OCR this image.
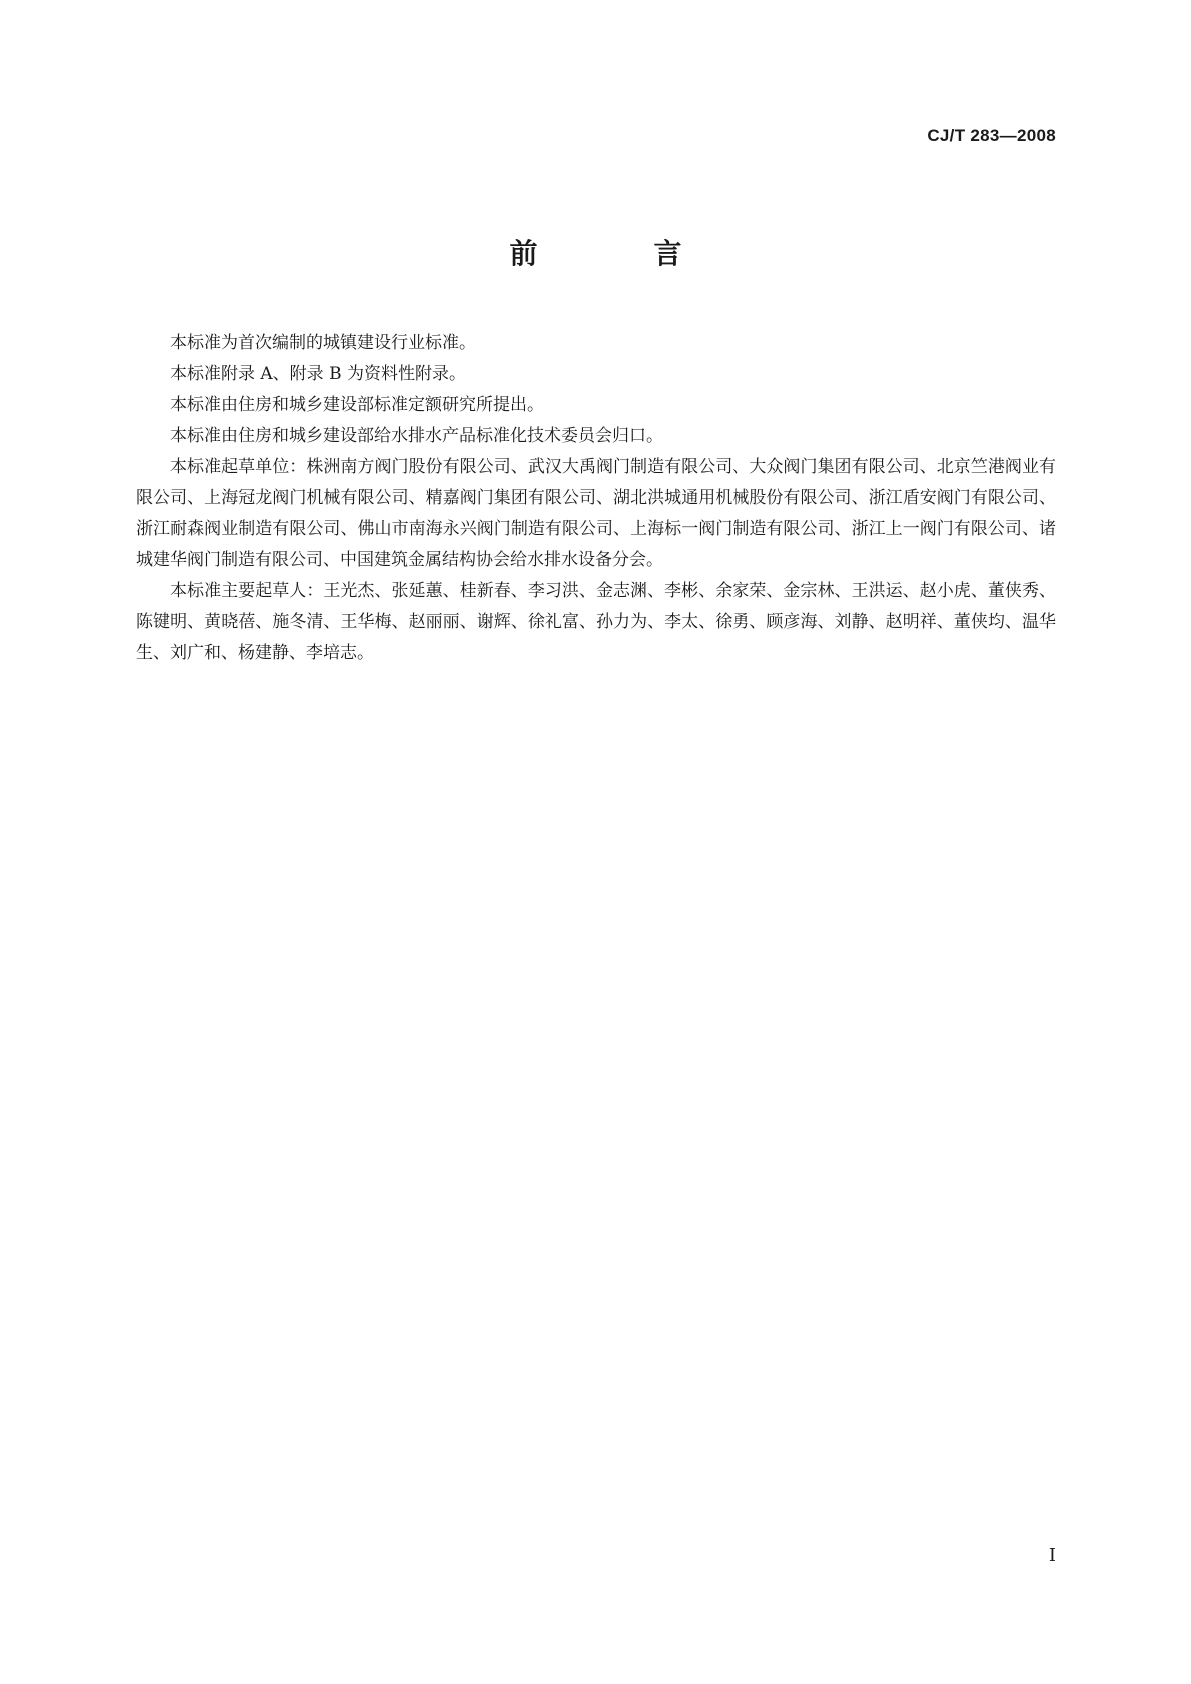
CJ/T 283—2008
前　言

本标准为首次编制的城镇建设行业标准。

本标准附录 A、附录 B 为资料性附录。

本标准由住房和城乡建设部标准定额研究所提出。

本标准由住房和城乡建设部给水排水产品标准化技术委员会归口。

本标准起草单位：株洲南方阀门股份有限公司、武汉大禹阀门制造有限公司、大众阀门集团有限公司、北京竺港阀业有限公司、上海冠龙阀门机械有限公司、精嘉阀门集团有限公司、湖北洪城通用机械股份有限公司、浙江盾安阀门有限公司、浙江耐森阀业制造有限公司、佛山市南海永兴阀门制造有限公司、上海标一阀门制造有限公司、浙江上一阀门有限公司、诸城建华阀门制造有限公司、中国建筑金属结构协会给水排水设备分会。

本标准主要起草人：王光杰、张延蕙、桂新春、李习洪、金志渊、李彬、余家荣、金宗林、王洪运、赵小虎、董侠秀、陈键明、黄晓蓓、施冬清、王华梅、赵丽丽、谢辉、徐礼富、孙力为、李太、徐勇、顾彦海、刘静、赵明祥、董侠均、温华生、刘广和、杨建静、李培志。

I
